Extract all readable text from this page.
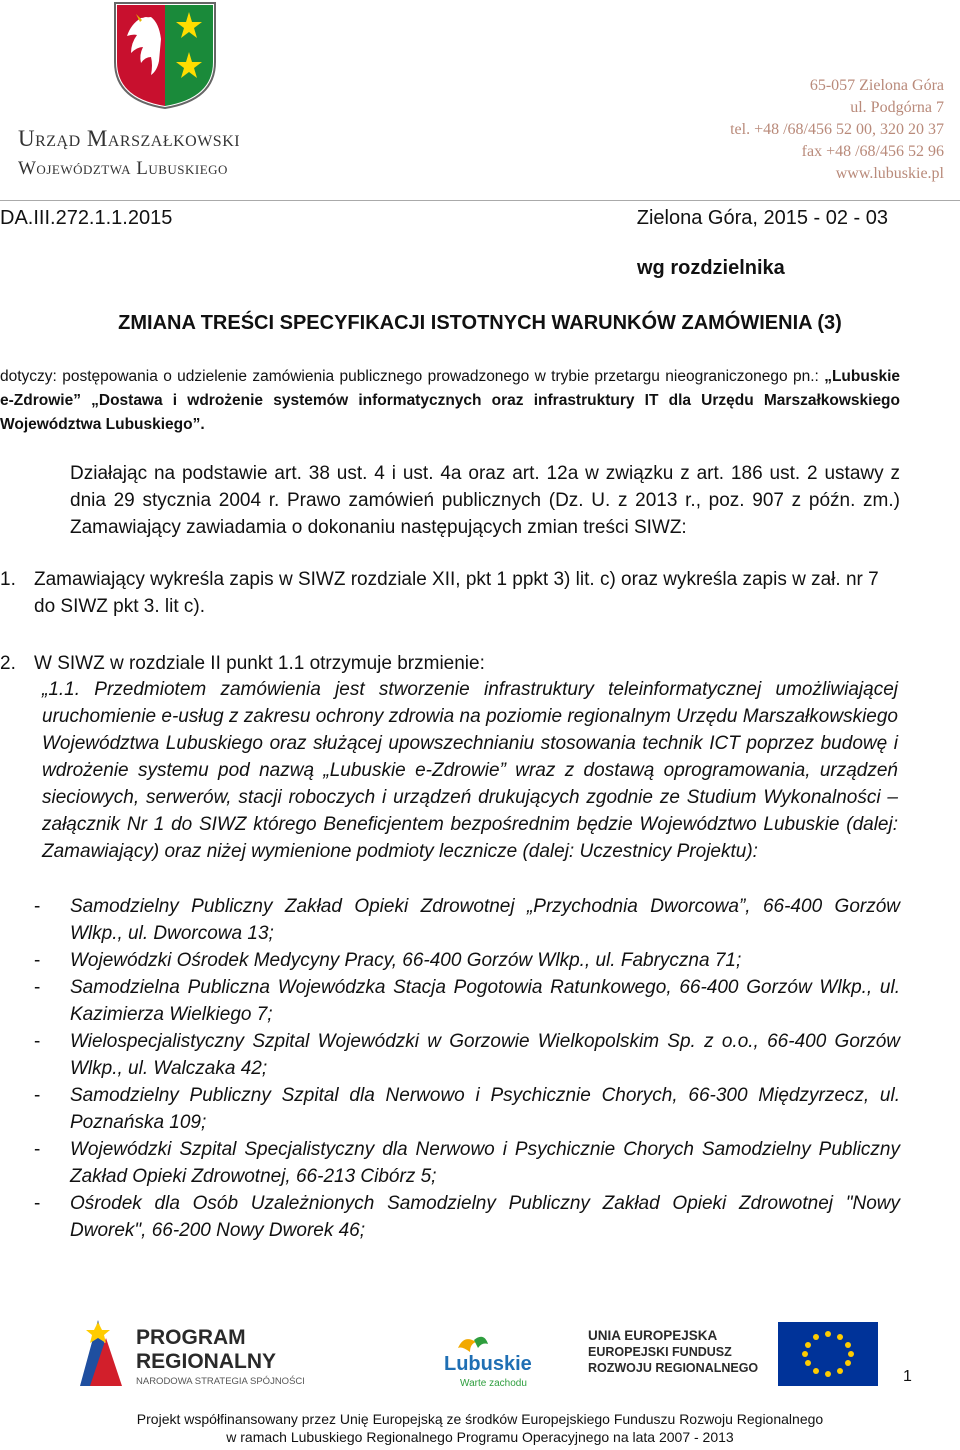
Urząd Marszałkowski
Województwa Lubuskiego
65-057 Zielona Góra
ul. Podgórna 7
tel. +48 /68/456 52 00, 320 20 37
fax +48 /68/456 52 96
www.lubuskie.pl
DA.III.272.1.1.2015	Zielona Góra, 2015 - 02 - 03
wg rozdzielnika
ZMIANA TREŚCI SPECYFIKACJI ISTOTNYCH WARUNKÓW ZAMÓWIENIA (3)
dotyczy: postępowania o udzielenie zamówienia publicznego prowadzonego w trybie przetargu nieograniczonego pn.: „Lubuskie e-Zdrowie” „Dostawa i wdrożenie systemów informatycznych oraz infrastruktury IT dla Urzędu Marszałkowskiego Województwa Lubuskiego”.
Działając na podstawie art. 38 ust. 4 i ust. 4a oraz art. 12a w związku z art. 186 ust. 2 ustawy z dnia 29 stycznia 2004 r. Prawo zamówień publicznych (Dz. U. z 2013 r., poz. 907 z późn. zm.) Zamawiający zawiadamia o dokonaniu następujących zmian treści SIWZ:
1. Zamawiający wykreśla zapis w SIWZ rozdziale XII, pkt 1 ppkt 3) lit. c) oraz wykreśla zapis w zał. nr 7 do SIWZ pkt 3. lit c).
2. W SIWZ w rozdziale II punkt 1.1 otrzymuje brzmienie:
„1.1. Przedmiotem zamówienia jest stworzenie infrastruktury teleinformatycznej umożliwiającej uruchomienie e-usług z zakresu ochrony zdrowia na poziomie regionalnym Urzędu Marszałkowskiego Województwa Lubuskiego oraz służącej upowszechnianiu stosowania technik ICT poprzez budowę i wdrożenie systemu pod nazwą „Lubuskie e-Zdrowie” wraz z dostawą oprogramowania, urządzeń sieciowych, serwerów, stacji roboczych i urządzeń drukujących zgodnie ze Studium Wykonalności – załącznik Nr 1 do SIWZ którego Beneficjentem bezpośrednim będzie Województwo Lubuskie (dalej: Zamawiający) oraz niżej wymienione podmioty lecznicze (dalej: Uczestnicy Projektu):
- Samodzielny Publiczny Zakład Opieki Zdrowotnej „Przychodnia Dworcowa”, 66-400 Gorzów Wlkp., ul. Dworcowa 13;
- Wojewódzki Ośrodek Medycyny Pracy, 66-400 Gorzów Wlkp., ul. Fabryczna 71;
- Samodzielna Publiczna Wojewódzka Stacja Pogotowia Ratunkowego, 66-400 Gorzów Wlkp., ul. Kazimierza Wielkiego 7;
- Wielospecjalistyczny Szpital Wojewódzki w Gorzowie Wielkopolskim Sp. z o.o., 66-400 Gorzów Wlkp., ul. Walczaka 42;
- Samodzielny Publiczny Szpital dla Nerwowo i Psychicznie Chorych, 66-300 Międzyrzecz, ul. Poznańska 109;
- Wojewódzki Szpital Specjalistyczny dla Nerwowo i Psychicznie Chorych Samodzielny Publiczny Zakład Opieki Zdrowotnej, 66-213 Cibórz 5;
- Ośrodek dla Osób Uzależnionych Samodzielny Publiczny Zakład Opieki Zdrowotnej "Nowy Dworek", 66-200 Nowy Dworek 46;
PROGRAM
REGIONALNY
NARODOWA STRATEGIA SPÓJNOŚCI
Lubuskie
Warte zachodu
UNIA EUROPEJSKA
EUROPEJSKI FUNDUSZ
ROZWOJU REGIONALNEGO	1
Projekt współfinansowany przez Unię Europejską ze środków Europejskiego Funduszu Rozwoju Regionalnego
w ramach Lubuskiego Regionalnego Programu Operacyjnego na lata 2007 - 2013
